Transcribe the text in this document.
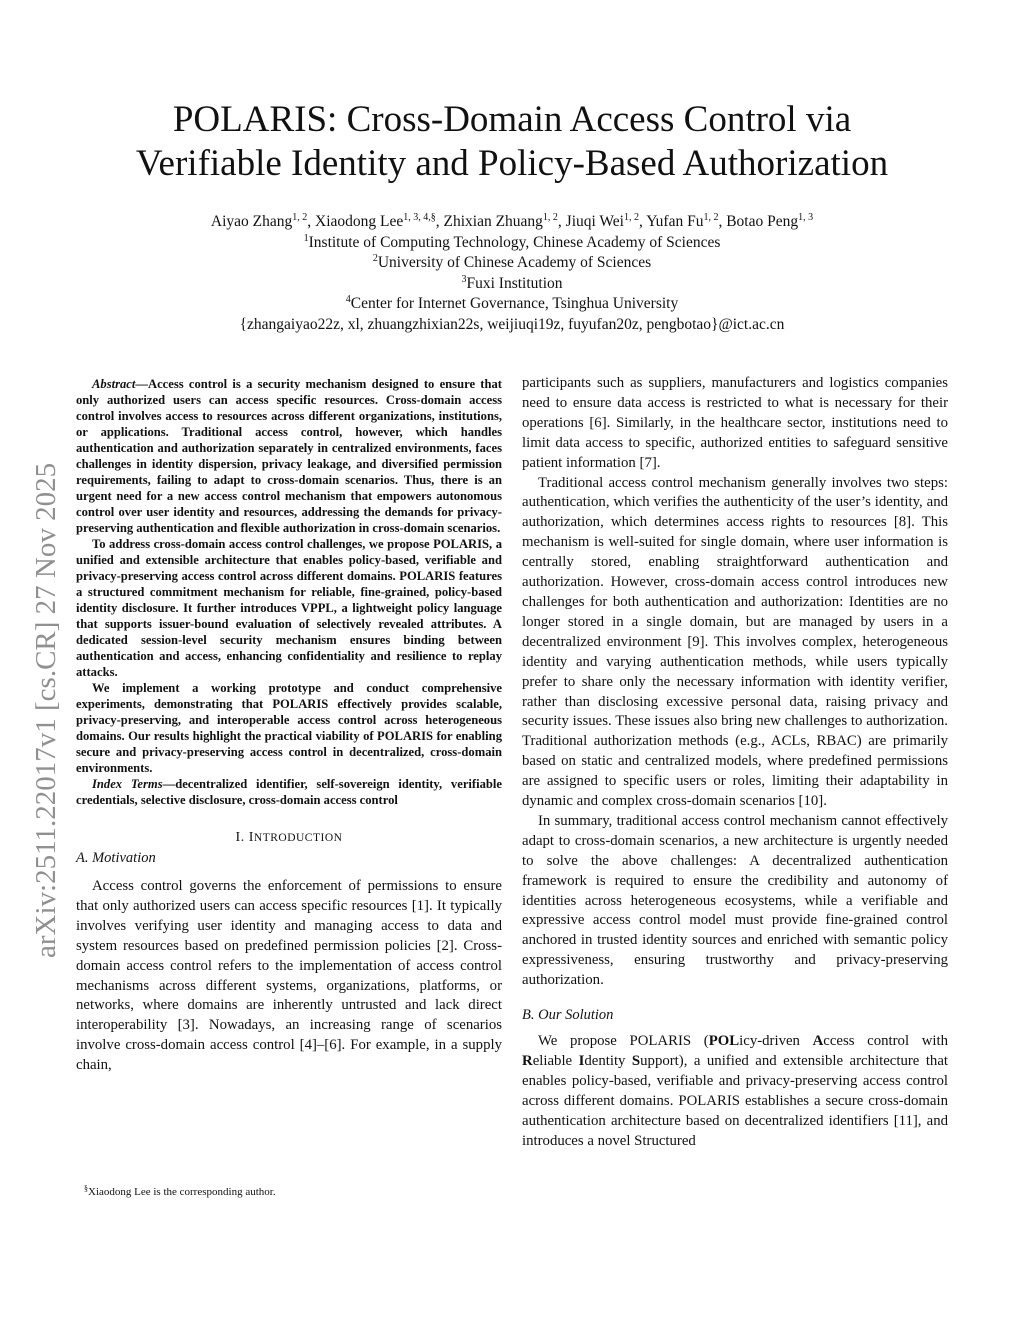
POLARIS: Cross-Domain Access Control via
Verifiable Identity and Policy-Based Authorization
Aiyao Zhang$^{1, 2}$, Xiaodong Lee$^{1, 3, 4,\S}$, Zhixian Zhuang$^{1, 2}$, Jiuqi Wei$^{1, 2}$, Yufan Fu$^{1, 2}$, Botao Peng$^{1, 3}$
$^1$Institute of Computing Technology, Chinese Academy of Sciences
$^2$University of Chinese Academy of Sciences
$^3$Fuxi Institution
$^4$Center for Internet Governance, Tsinghua University
{zhangaiyao22z, xl, zhuangzhixian22s, weijiuqi19z, fuyufan20z, pengbotao}@ict.ac.cn
arXiv:2511.22017v1 [cs.CR] 27 Nov 2025

Abstract—Access control is a security mechanism designed to ensure that only authorized users can access specific resources. Cross-domain access control involves access to resources across different organizations, institutions, or applications. Traditional access control, however, which handles authentication and authorization separately in centralized environments, faces challenges in identity dispersion, privacy leakage, and diversified permission requirements, failing to adapt to cross-domain scenarios. Thus, there is an urgent need for a new access control mechanism that empowers autonomous control over user identity and resources, addressing the demands for privacy-preserving authentication and flexible authorization in cross-domain scenarios.

To address cross-domain access control challenges, we propose POLARIS, a unified and extensible architecture that enables policy-based, verifiable and privacy-preserving access control across different domains. POLARIS features a structured commitment mechanism for reliable, fine-grained, policy-based identity disclosure. It further introduces VPPL, a lightweight policy language that supports issuer-bound evaluation of selectively revealed attributes. A dedicated session-level security mechanism ensures binding between authentication and access, enhancing confidentiality and resilience to replay attacks.

We implement a working prototype and conduct comprehensive experiments, demonstrating that POLARIS effectively provides scalable, privacy-preserving, and interoperable access control across heterogeneous domains. Our results highlight the practical viability of POLARIS for enabling secure and privacy-preserving access control in decentralized, cross-domain environments.

Index Terms—decentralized identifier, self-sovereign identity, verifiable credentials, selective disclosure, cross-domain access control

I. INTRODUCTION
A. Motivation

Access control governs the enforcement of permissions to ensure that only authorized users can access specific resources [1]. It typically involves verifying user identity and managing access to data and system resources based on predefined permission policies [2]. Cross-domain access control refers to the implementation of access control mechanisms across different systems, organizations, platforms, or networks, where domains are inherently untrusted and lack direct interoperability [3]. Nowadays, an increasing range of scenarios involve cross-domain access control [4]–[6]. For example, in a supply chain,

§Xiaodong Lee is the corresponding author.

participants such as suppliers, manufacturers and logistics companies need to ensure data access is restricted to what is necessary for their operations [6]. Similarly, in the healthcare sector, institutions need to limit data access to specific, authorized entities to safeguard sensitive patient information [7].

Traditional access control mechanism generally involves two steps: authentication, which verifies the authenticity of the user’s identity, and authorization, which determines access rights to resources [8]. This mechanism is well-suited for single domain, where user information is centrally stored, enabling straightforward authentication and authorization. However, cross-domain access control introduces new challenges for both authentication and authorization: Identities are no longer stored in a single domain, but are managed by users in a decentralized environment [9]. This involves complex, heterogeneous identity and varying authentication methods, while users typically prefer to share only the necessary information with identity verifier, rather than disclosing excessive personal data, raising privacy and security issues. These issues also bring new challenges to authorization. Traditional authorization methods (e.g., ACLs, RBAC) are primarily based on static and centralized models, where predefined permissions are assigned to specific users or roles, limiting their adaptability in dynamic and complex cross-domain scenarios [10].

In summary, traditional access control mechanism cannot effectively adapt to cross-domain scenarios, a new architecture is urgently needed to solve the above challenges: A decentralized authentication framework is required to ensure the credibility and autonomy of identities across heterogeneous ecosystems, while a verifiable and expressive access control model must provide fine-grained control anchored in trusted identity sources and enriched with semantic policy expressiveness, ensuring trustworthy and privacy-preserving authorization.

B. Our Solution

We propose POLARIS (POLicy-driven Access control with Reliable Identity Support), a unified and extensible architecture that enables policy-based, verifiable and privacy-preserving access control across different domains. POLARIS establishes a secure cross-domain authentication architecture based on decentralized identifiers [11], and introduces a novel Structured
